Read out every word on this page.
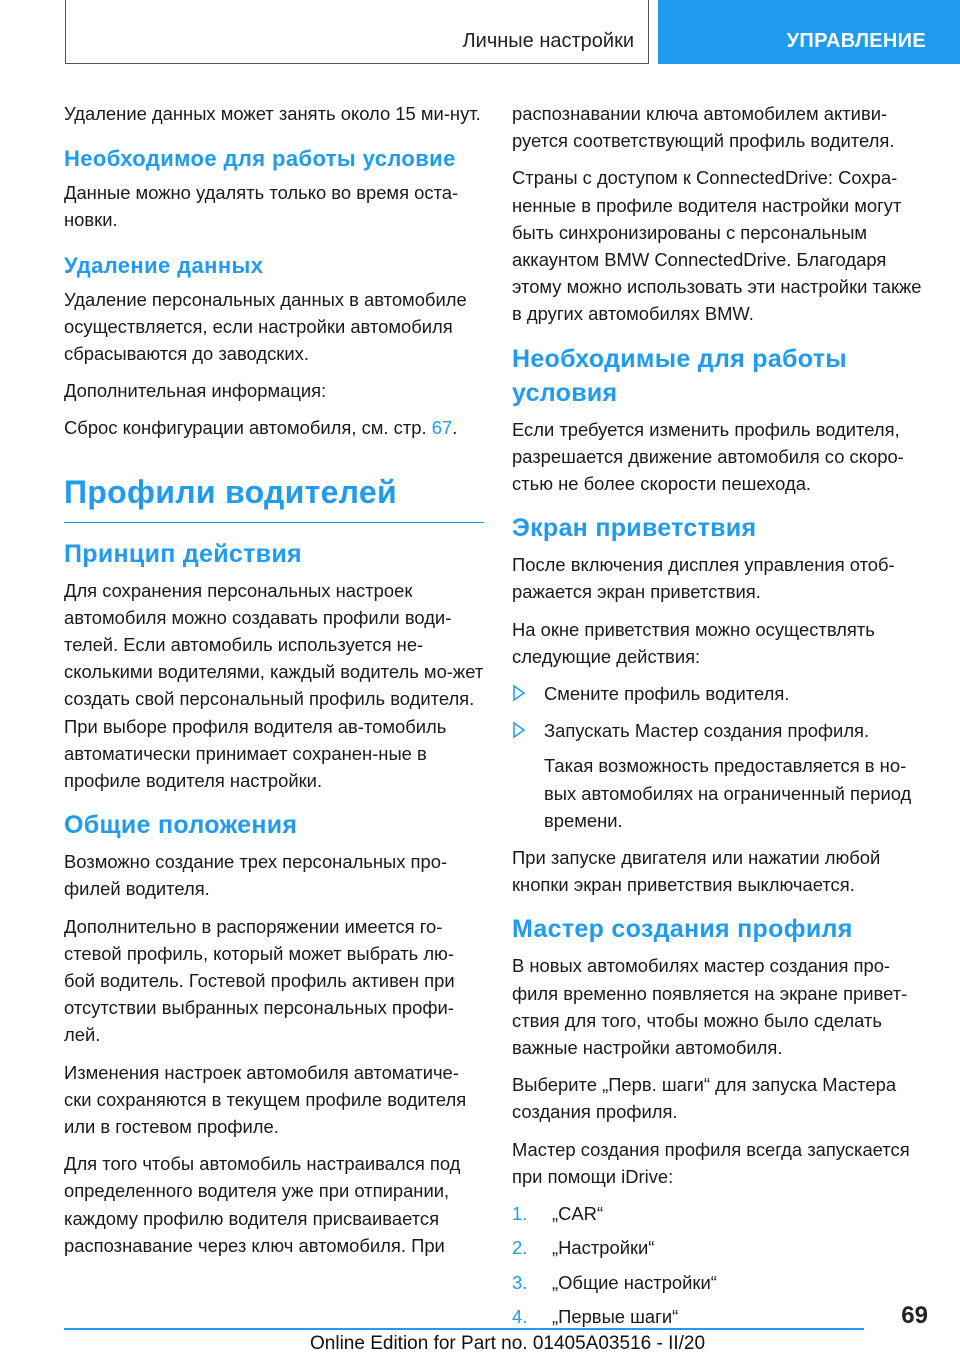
Личные настройки	УПРАВЛЕНИЕ

Удаление данных может занять около 15 ми-нут.

Необходимое для работы условие

Данные можно удалять только во время оста-новки.

Удаление данных

Удаление персональных данных в автомобиле осуществляется, если настройки автомобиля сбрасываются до заводских.

Дополнительная информация:

Сброс конфигурации автомобиля, см. стр. 67.

Профили водителей
Принцип действия

Для сохранения персональных настроек автомобиля можно создавать профили води-телей. Если автомобиль используется не-сколькими водителями, каждый водитель мо-жет создать свой персональный профиль водителя. При выборе профиля водителя ав-томобиль автоматически принимает сохранен-ные в профиле водителя настройки.

Общие положения

Возможно создание трех персональных про-филей водителя.

Дополнительно в распоряжении имеется го-стевой профиль, который может выбрать лю-бой водитель. Гостевой профиль активен при отсутствии выбранных персональных профи-лей.

Изменения настроек автомобиля автоматиче-ски сохраняются в текущем профиле водителя или в гостевом профиле.

Для того чтобы автомобиль настраивался под определенного водителя уже при отпирании, каждому профилю водителя присваивается распознавание через ключ автомобиля. При

распознавании ключа автомобилем активи-руется соответствующий профиль водителя.

Страны с доступом к ConnectedDrive: Сохра-ненные в профиле водителя настройки могут быть синхронизированы с персональным аккаунтом BMW ConnectedDrive. Благодаря этому можно использовать эти настройки также в других автомобилях BMW.

Необходимые для работы условия

Если требуется изменить профиль водителя, разрешается движение автомобиля со скоро-стью не более скорости пешехода.

Экран приветствия

После включения дисплея управления отоб-ражается экран приветствия.

На окне приветствия можно осуществлять следующие действия:

Смените профиль водителя.
Запускать Мастер создания профиля.

Такая возможность предоставляется в но-вых автомобилях на ограниченный период времени.

При запуске двигателя или нажатии любой кнопки экран приветствия выключается.

Мастер создания профиля

В новых автомобилях мастер создания про-филя временно появляется на экране привет-ствия для того, чтобы можно было сделать важные настройки автомобиля.

Выберите „Перв. шаги“ для запуска Мастера создания профиля.

Мастер создания профиля всегда запускается при помощи iDrive:

1. „CAR“
2. „Настройки“
3. „Общие настройки“
4. „Первые шаги“	69
Online Edition for Part no. 01405A03516 - II/20
